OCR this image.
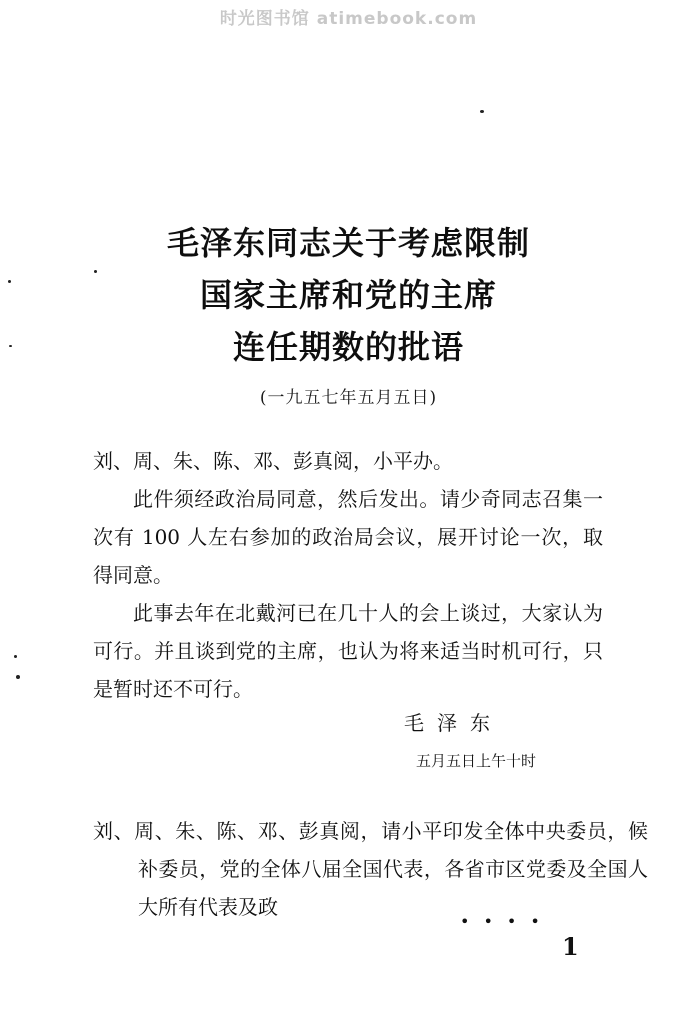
时光图书馆 atimebook.com
毛泽东同志关于考虑限制
国家主席和党的主席
连任期数的批语
(一九五七年五月五日)
刘、周、朱、陈、邓、彭真阅，小平办。
此件须经政治局同意，然后发出。请少奇同志召集一次有 100 人左右参加的政治局会议，展开讨论一次，取得同意。
此事去年在北戴河已在几十人的会上谈过，大家认为可行。并且谈到党的主席，也认为将来适当时机可行，只是暂时还不可行。
毛泽东
五月五日上午十时
刘、周、朱、陈、邓、彭真阅，请小平印发全体中央委员，候补委员，党的全体八届全国代表，各省市区党委及全国人大所有代表及政
••••
1
